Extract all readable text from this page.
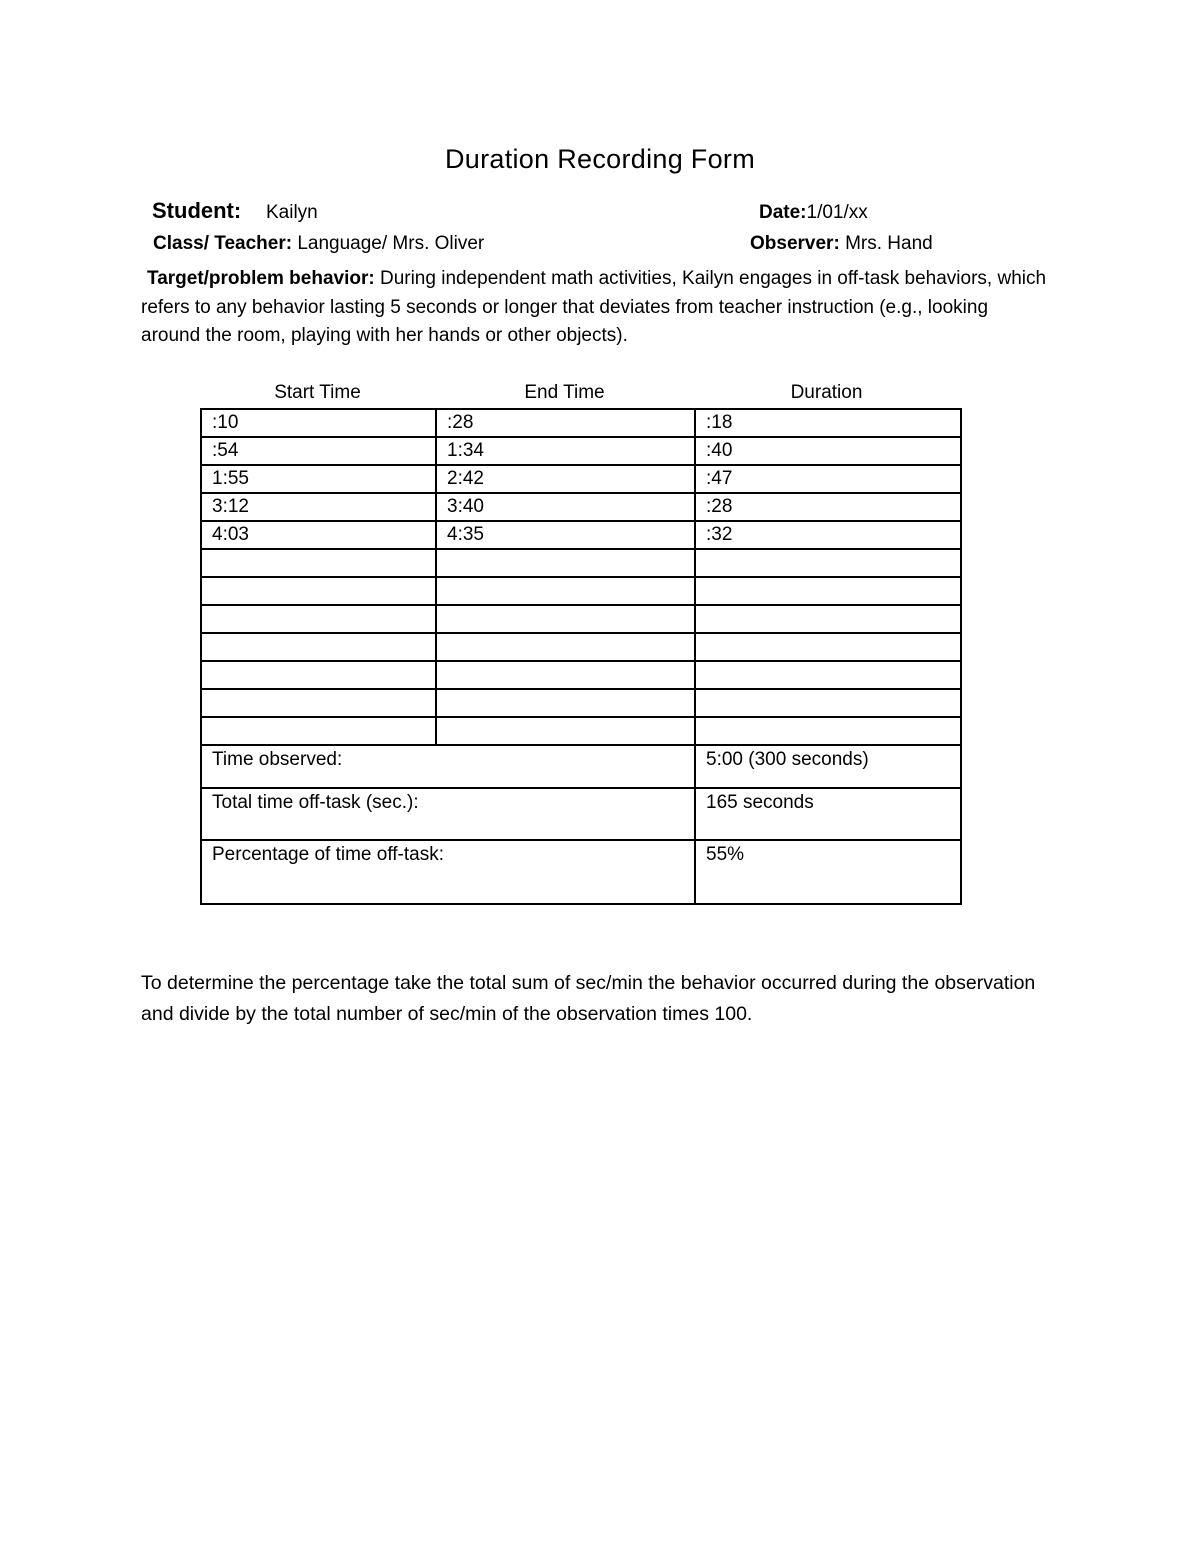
Duration Recording Form
Student: Kailyn	Date:1/01/xx
Class/ Teacher: Language/ Mrs. Oliver	Observer: Mrs. Hand
Target/problem behavior: During independent math activities, Kailyn engages in off-task behaviors, which refers to any behavior lasting 5 seconds or longer that deviates from teacher instruction (e.g., looking around the room, playing with her hands or other objects).
Start Time	End Time	Duration
:10	:28	:18
:54	1:34	:40
1:55	2:42	:47
3:12	3:40	:28
4:03	4:35	:32

Time observed:		5:00 (300 seconds)
Total time off-task (sec.):		165 seconds
Percentage of time off-task:		55%
To determine the percentage take the total sum of sec/min the behavior occurred during the observation and divide by the total number of sec/min of the observation times 100.
